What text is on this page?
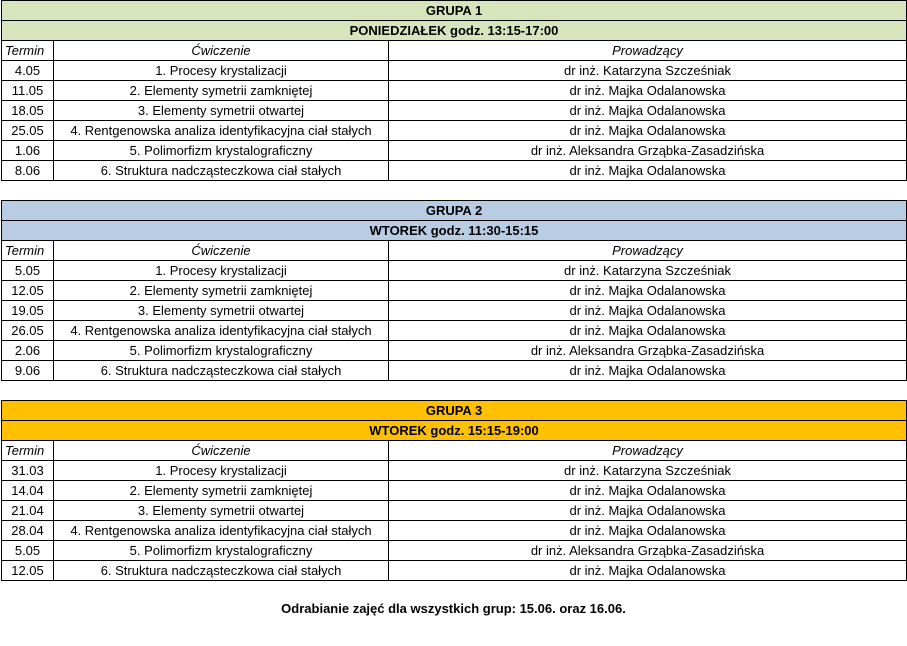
GRUPA 1		
PONIEDZIAŁEK godz. 13:15-17:00		
Termin	Ćwiczenie	Prowadzący
4.05	1. Procesy krystalizacji	dr inż. Katarzyna Szcześniak
11.05	2. Elementy symetrii zamkniętej	dr inż. Majka Odalanowska
18.05	3. Elementy symetrii otwartej	dr inż. Majka Odalanowska
25.05	4. Rentgenowska analiza identyfikacyjna ciał stałych	dr inż. Majka Odalanowska
1.06	5. Polimorfizm krystalograficzny	dr inż. Aleksandra Grząbka-Zasadzińska
8.06	6. Struktura nadcząsteczkowa ciał stałych	dr inż. Majka Odalanowska
GRUPA 2		
WTOREK godz. 11:30-15:15		
Termin	Ćwiczenie	Prowadzący
5.05	1. Procesy krystalizacji	dr inż. Katarzyna Szcześniak
12.05	2. Elementy symetrii zamkniętej	dr inż. Majka Odalanowska
19.05	3. Elementy symetrii otwartej	dr inż. Majka Odalanowska
26.05	4. Rentgenowska analiza identyfikacyjna ciał stałych	dr inż. Majka Odalanowska
2.06	5. Polimorfizm krystalograficzny	dr inż. Aleksandra Grząbka-Zasadzińska
9.06	6. Struktura nadcząsteczkowa ciał stałych	dr inż. Majka Odalanowska
GRUPA 3		
WTOREK godz. 15:15-19:00		
Termin	Ćwiczenie	Prowadzący
31.03	1. Procesy krystalizacji	dr inż. Katarzyna Szcześniak
14.04	2. Elementy symetrii zamkniętej	dr inż. Majka Odalanowska
21.04	3. Elementy symetrii otwartej	dr inż. Majka Odalanowska
28.04	4. Rentgenowska analiza identyfikacyjna ciał stałych	dr inż. Majka Odalanowska
5.05	5. Polimorfizm krystalograficzny	dr inż. Aleksandra Grząbka-Zasadzińska
12.05	6. Struktura nadcząsteczkowa ciał stałych	dr inż. Majka Odalanowska
Odrabianie zajęć dla wszystkich grup: 15.06. oraz 16.06.
